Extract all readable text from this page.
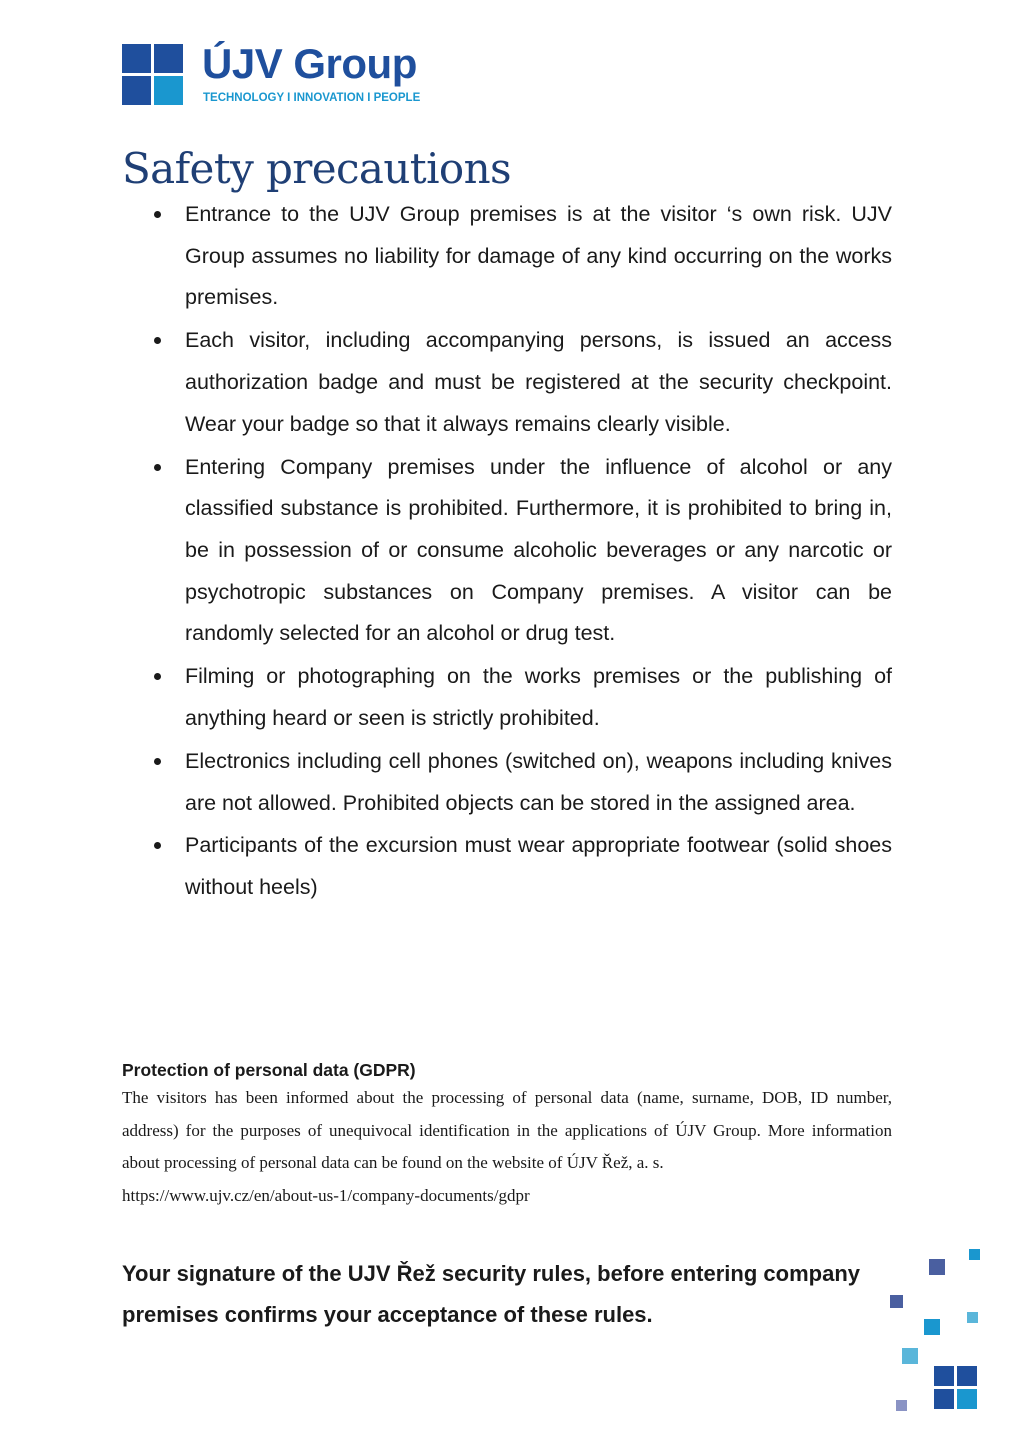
ÚJV Group
TECHNOLOGY I INNOVATION I PEOPLE
Safety precautions
Entrance to the UJV Group premises is at the visitor ‘s own risk. UJV Group assumes no liability for damage of any kind occurring on the works premises.
Each visitor, including accompanying persons, is issued an access authorization badge and must be registered at the security checkpoint. Wear your badge so that it always remains clearly visible.
Entering Company premises under the influence of alcohol or any classified substance is prohibited. Furthermore, it is prohibited to bring in, be in possession of or consume alcoholic beverages or any narcotic or psychotropic substances on Company premises. A visitor can be randomly selected for an alcohol or drug test.
Filming or photographing on the works premises or the publishing of anything heard or seen is strictly prohibited.
Electronics including cell phones (switched on), weapons including knives are not allowed. Prohibited objects can be stored in the assigned area.
Participants of the excursion must wear appropriate footwear (solid shoes without heels)
Protection of personal data (GDPR)
The visitors has been informed about the processing of personal data (name, surname, DOB, ID number, address) for the purposes of unequivocal identification in the applications of ÚJV Group. More information about processing of personal data can be found on the website of ÚJV Řež, a. s.
https://www.ujv.cz/en/about-us-1/company-documents/gdpr

Your signature of the UJV Řež security rules, before entering company premises confirms your acceptance of these rules.
